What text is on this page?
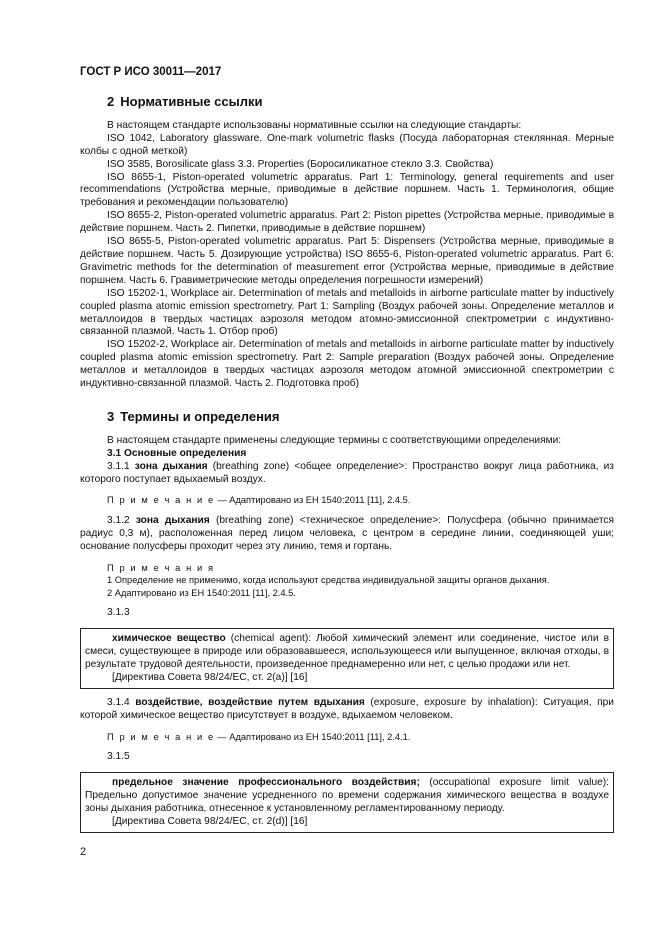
ГОСТ Р ИСО 30011—2017
2 Нормативные ссылки

В настоящем стандарте использованы нормативные ссылки на следующие стандарты:

ISO 1042, Laboratory glassware. One-mark volumetric flasks (Посуда лабораторная стеклянная. Мерные колбы с одной меткой)

ISO 3585, Borosilicate glass 3.3. Properties (Боросиликатное стекло 3.3. Свойства)

ISO 8655-1, Piston-operated volumetric apparatus. Part 1: Terminology, general requirements and user recommendations (Устройства мерные, приводимые в действие поршнем. Часть 1. Терминология, общие требования и рекомендации пользователю)

ISO 8655-2, Piston-operated volumetric apparatus. Part 2: Piston pipettes (Устройства мерные, приводимые в действие поршнем. Часть 2. Пипетки, приводимые в действие поршнем)

ISO 8655-5, Piston-operated volumetric apparatus. Part 5: Dispensers (Устройства мерные, приводимые в действие поршнем. Часть 5. Дозирующие устройства) ISO 8655-6, Piston-operated volumetric apparatus. Part 6: Gravimetric methods for the determination of measurement error (Устройства мерные, приводимые в действие поршнем. Часть 6. Гравиметрические методы определения погрешности измерений)

ISO 15202-1, Workplace air. Determination of metals and metalloids in airborne particulate matter by inductively coupled plasma atomic emission spectrometry. Part 1: Sampling (Воздух рабочей зоны. Определение металлов и металлоидов в твердых частицах аэрозоля методом атомно-эмиссионной спектрометрии с индуктивно-связанной плазмой. Часть 1. Отбор проб)

ISO 15202-2, Workplace air. Determination of metals and metalloids in airborne particulate matter by inductively coupled plasma atomic emission spectrometry. Part 2: Sample preparation (Воздух рабочей зоны. Определение металлов и металлоидов в твердых частицах аэрозоля методом атомной эмиссионной спектрометрии с индуктивно-связанной плазмой. Часть 2. Подготовка проб)

3 Термины и определения

В настоящем стандарте применены следующие термины с соответствующими определениями:

3.1 Основные определения

3.1.1 зона дыхания (breathing zone) <общее определение>: Пространство вокруг лица работника, из которого поступает вдыхаемый воздух.

П р и м е ч а н и е — Адаптировано из ЕН 1540:2011 [11], 2.4.5.

3.1.2 зона дыхания (breathing zone) <техническое определение>: Полусфера (обычно принимается радиус 0,3 м), расположенная перед лицом человека, с центром в середине линии, соединяющей уши; основание полусферы проходит через эту линию, темя и гортань.

П р и м е ч а н и я

1 Определение не применимо, когда используют средства индивидуальной защиты органов дыхания.

2 Адаптировано из ЕН 1540:2011 [11], 2.4.5.

3.1.3

химическое вещество (chemical agent): Любой химический элемент или соединение, чистое или в смеси, существующее в природе или образовавшееся, использующееся или выпущенное, включая отходы, в результате трудовой деятельности, произведенное преднамеренно или нет, с целью продажи или нет.

[Директива Совета 98/24/ЕС, ст. 2(а)] [16]

3.1.4 воздействие, воздействие путем вдыхания (exposure, exposure by inhalation): Ситуация, при которой химическое вещество присутствует в воздухе, вдыхаемом человеком.

П р и м е ч а н и е — Адаптировано из ЕН 1540:2011 [11], 2.4.1.

3.1.5

предельное значение профессионального воздействия; (occupational exposure limit value): Предельно допустимое значение усредненного по времени содержания химического вещества в воздухе зоны дыхания работника, отнесенное к установленному регламентированному периоду.

[Директива Совета 98/24/ЕС, ст. 2(d)] [16]

2
